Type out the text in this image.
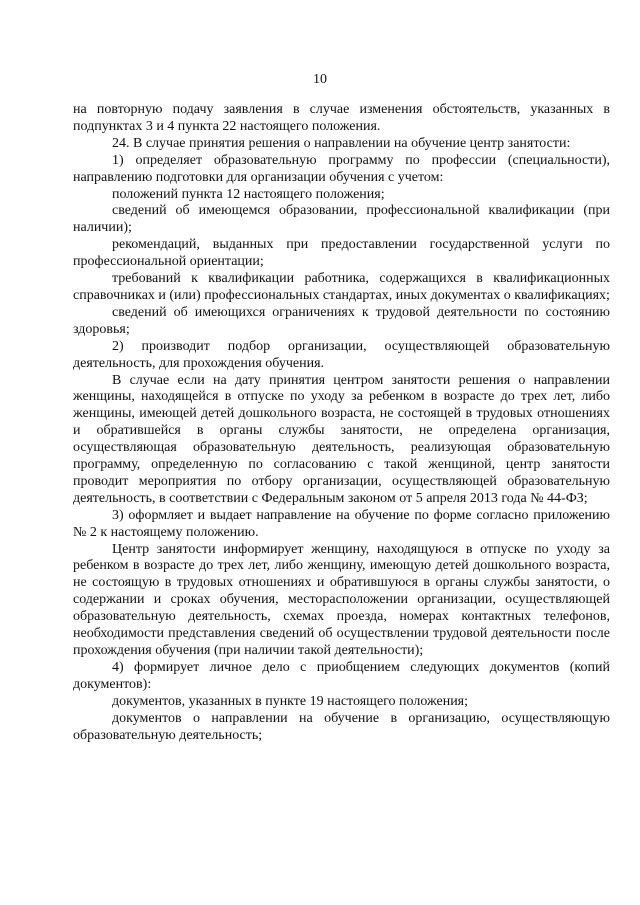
10

на повторную подачу заявления в случае изменения обстоятельств, указанных в подпунктах 3 и 4 пункта 22 настоящего положения.

24. В случае принятия решения о направлении на обучение центр занятости:

1) определяет образовательную программу по профессии (специальности), направлению подготовки для организации обучения с учетом:

положений пункта 12 настоящего положения;

сведений об имеющемся образовании, профессиональной квалификации (при наличии);

рекомендаций, выданных при предоставлении государственной услуги по профессиональной ориентации;

требований к квалификации работника, содержащихся в квалификационных справочниках и (или) профессиональных стандартах, иных документах о квалификациях;

сведений об имеющихся ограничениях к трудовой деятельности по состоянию здоровья;

2) производит подбор организации, осуществляющей образовательную деятельность, для прохождения обучения.

В случае если на дату принятия центром занятости решения о направлении женщины, находящейся в отпуске по уходу за ребенком в возрасте до трех лет, либо женщины, имеющей детей дошкольного возраста, не состоящей в трудовых отношениях и обратившейся в органы службы занятости, не определена организация, осуществляющая образовательную деятельность, реализующая образовательную программу, определенную по согласованию с такой женщиной, центр занятости проводит мероприятия по отбору организации, осуществляющей образовательную деятельность, в соответствии с Федеральным законом от 5 апреля 2013 года № 44-ФЗ;

3) оформляет и выдает направление на обучение по форме согласно приложению № 2 к настоящему положению.

Центр занятости информирует женщину, находящуюся в отпуске по уходу за ребенком в возрасте до трех лет, либо женщину, имеющую детей дошкольного возраста, не состоящую в трудовых отношениях и обратившуюся в органы службы занятости, о содержании и сроках обучения, месторасположении организации, осуществляющей образовательную деятельность, схемах проезда, номерах контактных телефонов, необходимости представления сведений об осуществлении трудовой деятельности после прохождения обучения (при наличии такой деятельности);

4) формирует личное дело с приобщением следующих документов (копий документов):

документов, указанных в пункте 19 настоящего положения;

документов о направлении на обучение в организацию, осуществляющую образовательную деятельность;
